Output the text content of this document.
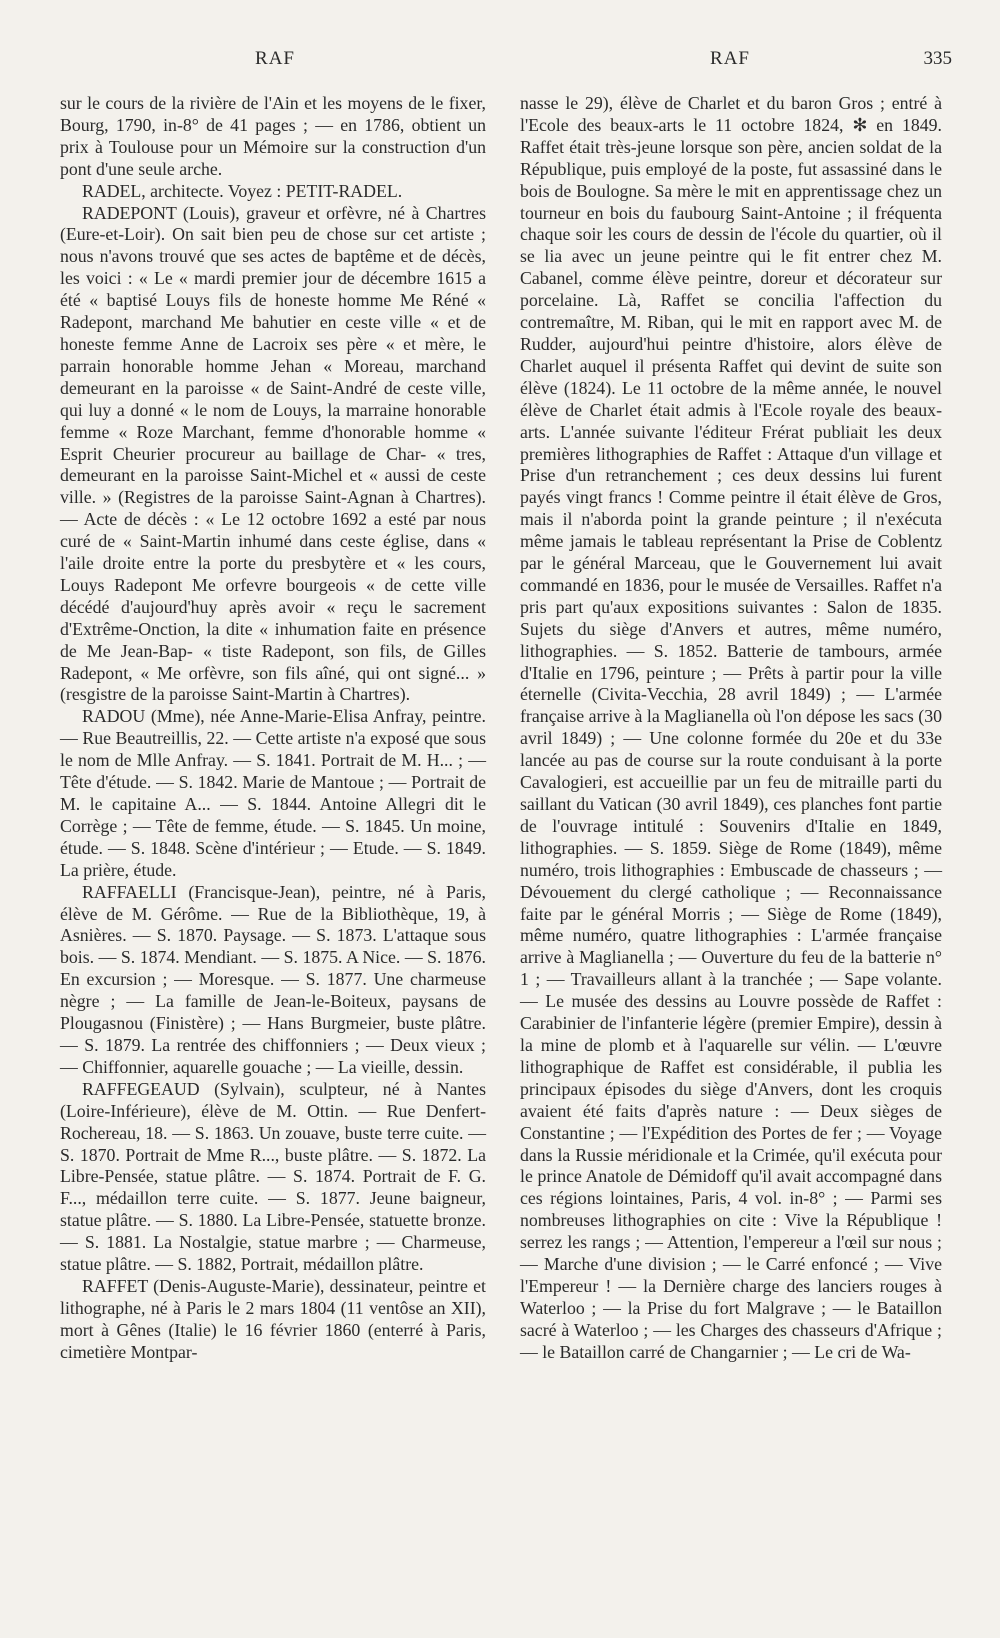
RAF	RAF	335

sur le cours de la rivière de l'Ain et les moyens de le fixer, Bourg, 1790, in-8° de 41 pages ; — en 1786, obtient un prix à Toulouse pour un Mémoire sur la construction d'un pont d'une seule arche.

RADEL, architecte. Voyez : PETIT-RADEL.

RADEPONT (Louis), graveur et orfèvre, né à Chartres (Eure-et-Loir). On sait bien peu de chose sur cet artiste ; nous n'avons trouvé que ses actes de baptême et de décès, les voici : « Le « mardi premier jour de décembre 1615 a été « baptisé Louys fils de honeste homme Me Réné « Radepont, marchand Me bahutier en ceste ville « et de honeste femme Anne de Lacroix ses père « et mère, le parrain honorable homme Jehan « Moreau, marchand demeurant en la paroisse « de Saint-André de ceste ville, qui luy a donné « le nom de Louys, la marraine honorable femme « Roze Marchant, femme d'honorable homme « Esprit Cheurier procureur au baillage de Char- « tres, demeurant en la paroisse Saint-Michel et « aussi de ceste ville. » (Registres de la paroisse Saint-Agnan à Chartres). — Acte de décès : « Le 12 octobre 1692 a esté par nous curé de « Saint-Martin inhumé dans ceste église, dans « l'aile droite entre la porte du presbytère et « les cours, Louys Radepont Me orfevre bourgeois « de cette ville décédé d'aujourd'huy après avoir « reçu le sacrement d'Extrême-Onction, la dite « inhumation faite en présence de Me Jean-Bap- « tiste Radepont, son fils, de Gilles Radepont, « Me orfèvre, son fils aîné, qui ont signé... » (resgistre de la paroisse Saint-Martin à Chartres).

RADOU (Mme), née Anne-Marie-Elisa Anfray, peintre. — Rue Beautreillis, 22. — Cette artiste n'a exposé que sous le nom de Mlle Anfray. — S. 1841. Portrait de M. H... ; — Tête d'étude. — S. 1842. Marie de Mantoue ; — Portrait de M. le capitaine A... — S. 1844. Antoine Allegri dit le Corrège ; — Tête de femme, étude. — S. 1845. Un moine, étude. — S. 1848. Scène d'intérieur ; — Etude. — S. 1849. La prière, étude.

RAFFAELLI (Francisque-Jean), peintre, né à Paris, élève de M. Gérôme. — Rue de la Bibliothèque, 19, à Asnières. — S. 1870. Paysage. — S. 1873. L'attaque sous bois. — S. 1874. Mendiant. — S. 1875. A Nice. — S. 1876. En excursion ; — Moresque. — S. 1877. Une charmeuse nègre ; — La famille de Jean-le-Boiteux, paysans de Plougasnou (Finistère) ; — Hans Burgmeier, buste plâtre. — S. 1879. La rentrée des chiffonniers ; — Deux vieux ; — Chiffonnier, aquarelle gouache ; — La vieille, dessin.

RAFFEGEAUD (Sylvain), sculpteur, né à Nantes (Loire-Inférieure), élève de M. Ottin. — Rue Denfert-Rochereau, 18. — S. 1863. Un zouave, buste terre cuite. — S. 1870. Portrait de Mme R..., buste plâtre. — S. 1872. La Libre-Pensée, statue plâtre. — S. 1874. Portrait de F. G. F..., médaillon terre cuite. — S. 1877. Jeune baigneur, statue plâtre. — S. 1880. La Libre-Pensée, statuette bronze. — S. 1881. La Nostalgie, statue marbre ; — Charmeuse, statue plâtre. — S. 1882, Portrait, médaillon plâtre.

RAFFET (Denis-Auguste-Marie), dessinateur, peintre et lithographe, né à Paris le 2 mars 1804 (11 ventôse an XII), mort à Gênes (Italie) le 16 février 1860 (enterré à Paris, cimetière Montpar-

nasse le 29), élève de Charlet et du baron Gros ; entré à l'Ecole des beaux-arts le 11 octobre 1824, ✻ en 1849. Raffet était très-jeune lorsque son père, ancien soldat de la République, puis employé de la poste, fut assassiné dans le bois de Boulogne. Sa mère le mit en apprentissage chez un tourneur en bois du faubourg Saint-Antoine ; il fréquenta chaque soir les cours de dessin de l'école du quartier, où il se lia avec un jeune peintre qui le fit entrer chez M. Cabanel, comme élève peintre, doreur et décorateur sur porcelaine. Là, Raffet se concilia l'affection du contremaître, M. Riban, qui le mit en rapport avec M. de Rudder, aujourd'hui peintre d'histoire, alors élève de Charlet auquel il présenta Raffet qui devint de suite son élève (1824). Le 11 octobre de la même année, le nouvel élève de Charlet était admis à l'Ecole royale des beaux-arts. L'année suivante l'éditeur Frérat publiait les deux premières lithographies de Raffet : Attaque d'un village et Prise d'un retranchement ; ces deux dessins lui furent payés vingt francs ! Comme peintre il était élève de Gros, mais il n'aborda point la grande peinture ; il n'exécuta même jamais le tableau représentant la Prise de Coblentz par le général Marceau, que le Gouvernement lui avait commandé en 1836, pour le musée de Versailles. Raffet n'a pris part qu'aux expositions suivantes : Salon de 1835. Sujets du siège d'Anvers et autres, même numéro, lithographies. — S. 1852. Batterie de tambours, armée d'Italie en 1796, peinture ; — Prêts à partir pour la ville éternelle (Civita-Vecchia, 28 avril 1849) ; — L'armée française arrive à la Maglianella où l'on dépose les sacs (30 avril 1849) ; — Une colonne formée du 20e et du 33e lancée au pas de course sur la route conduisant à la porte Cavalogieri, est accueillie par un feu de mitraille parti du saillant du Vatican (30 avril 1849), ces planches font partie de l'ouvrage intitulé : Souvenirs d'Italie en 1849, lithographies. — S. 1859. Siège de Rome (1849), même numéro, trois lithographies : Embuscade de chasseurs ; — Dévouement du clergé catholique ; — Reconnaissance faite par le général Morris ; — Siège de Rome (1849), même numéro, quatre lithographies : L'armée française arrive à Maglianella ; — Ouverture du feu de la batterie n° 1 ; — Travailleurs allant à la tranchée ; — Sape volante. — Le musée des dessins au Louvre possède de Raffet : Carabinier de l'infanterie légère (premier Empire), dessin à la mine de plomb et à l'aquarelle sur vélin. — L'œuvre lithographique de Raffet est considérable, il publia les principaux épisodes du siège d'Anvers, dont les croquis avaient été faits d'après nature : — Deux sièges de Constantine ; — l'Expédition des Portes de fer ; — Voyage dans la Russie méridionale et la Crimée, qu'il exécuta pour le prince Anatole de Démidoff qu'il avait accompagné dans ces régions lointaines, Paris, 4 vol. in-8° ; — Parmi ses nombreuses lithographies on cite : Vive la République ! serrez les rangs ; — Attention, l'empereur a l'œil sur nous ; — Marche d'une division ; — le Carré enfoncé ; — Vive l'Empereur ! — la Dernière charge des lanciers rouges à Waterloo ; — la Prise du fort Malgrave ; — le Bataillon sacré à Waterloo ; — les Charges des chasseurs d'Afrique ; — le Bataillon carré de Changarnier ; — Le cri de Wa-
